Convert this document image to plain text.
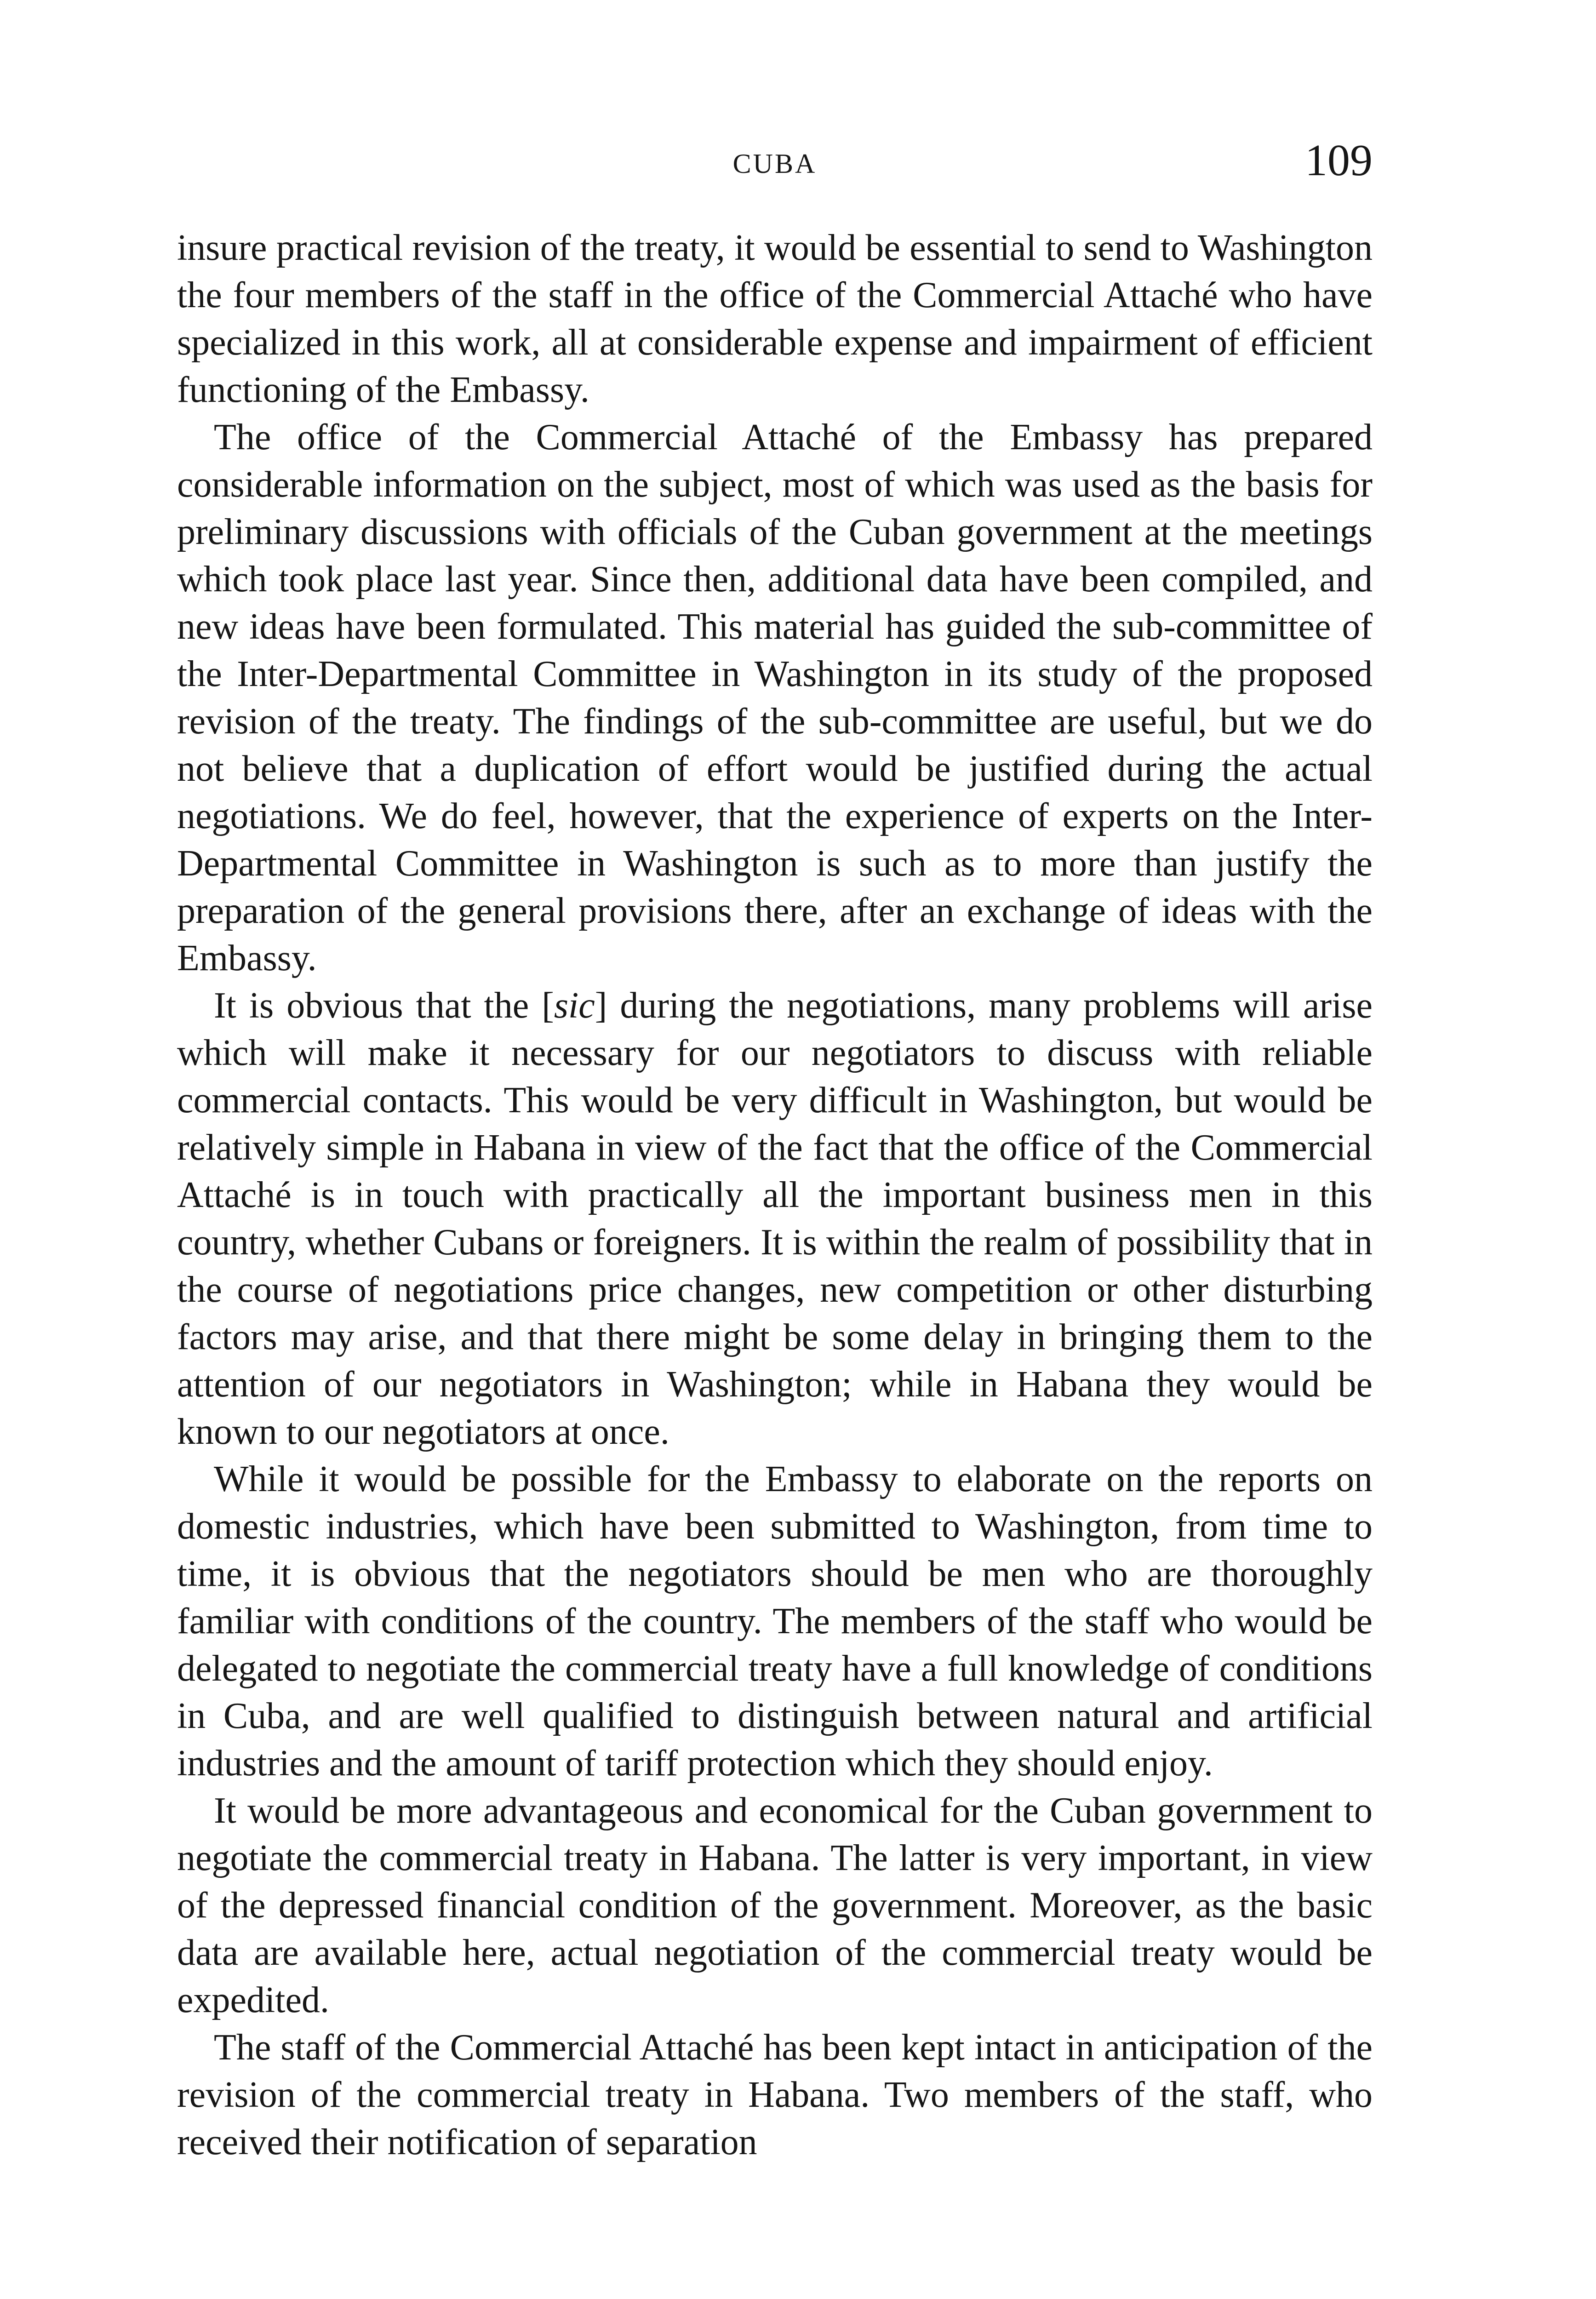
CUBA	109

insure practical revision of the treaty, it would be essential to send to Washington the four members of the staff in the office of the Commercial Attaché who have specialized in this work, all at considerable expense and impairment of efficient functioning of the Embassy.

The office of the Commercial Attaché of the Embassy has prepared considerable information on the subject, most of which was used as the basis for preliminary discussions with officials of the Cuban government at the meetings which took place last year. Since then, additional data have been compiled, and new ideas have been formulated. This material has guided the sub-committee of the Inter-Departmental Committee in Washington in its study of the proposed revision of the treaty. The findings of the sub-committee are useful, but we do not believe that a duplication of effort would be justified during the actual negotiations. We do feel, however, that the experience of experts on the Inter-Departmental Committee in Washington is such as to more than justify the preparation of the general provisions there, after an exchange of ideas with the Embassy.

It is obvious that the [sic] during the negotiations, many problems will arise which will make it necessary for our negotiators to discuss with reliable commercial contacts. This would be very difficult in Washington, but would be relatively simple in Habana in view of the fact that the office of the Commercial Attaché is in touch with practically all the important business men in this country, whether Cubans or foreigners. It is within the realm of possibility that in the course of negotiations price changes, new competition or other disturbing factors may arise, and that there might be some delay in bringing them to the attention of our negotiators in Washington; while in Habana they would be known to our negotiators at once.

While it would be possible for the Embassy to elaborate on the reports on domestic industries, which have been submitted to Washington, from time to time, it is obvious that the negotiators should be men who are thoroughly familiar with conditions of the country. The members of the staff who would be delegated to negotiate the commercial treaty have a full knowledge of conditions in Cuba, and are well qualified to distinguish between natural and artificial industries and the amount of tariff protection which they should enjoy.

It would be more advantageous and economical for the Cuban government to negotiate the commercial treaty in Habana. The latter is very important, in view of the depressed financial condition of the government. Moreover, as the basic data are available here, actual negotiation of the commercial treaty would be expedited.

The staff of the Commercial Attaché has been kept intact in anticipation of the revision of the commercial treaty in Habana. Two members of the staff, who received their notification of separation
